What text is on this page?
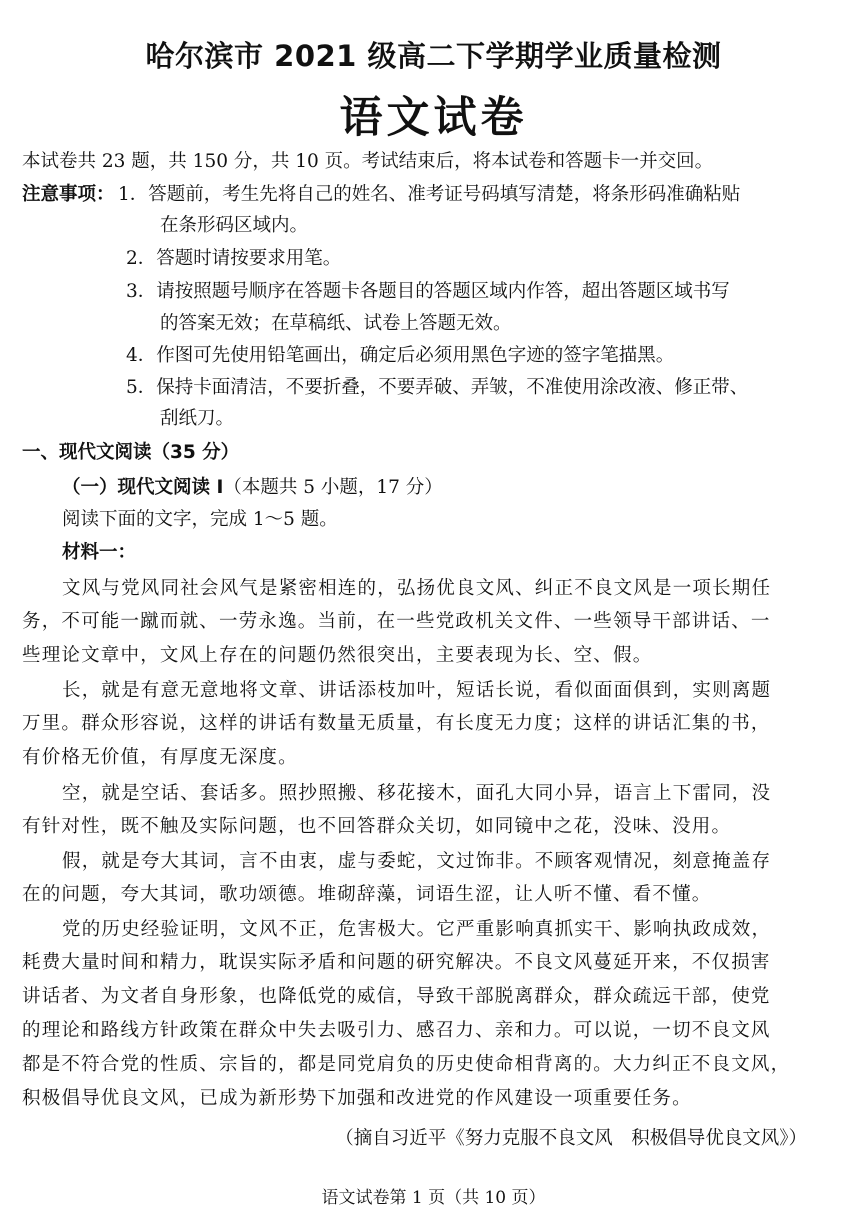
哈尔滨市 2021 级高二下学期学业质量检测
语文试卷
本试卷共 23 题，共 150 分，共 10 页。考试结束后，将本试卷和答题卡一并交回。
注意事项： 1．答题前，考生先将自己的姓名、准考证号码填写清楚，将条形码准确粘贴
在条形码区域内。
2．答题时请按要求用笔。
3．请按照题号顺序在答题卡各题目的答题区域内作答，超出答题区域书写
的答案无效；在草稿纸、试卷上答题无效。
4．作图可先使用铅笔画出，确定后必须用黑色字迹的签字笔描黑。
5．保持卡面清洁，不要折叠，不要弄破、弄皱，不准使用涂改液、修正带、
刮纸刀。
一、现代文阅读（35 分）
（一）现代文阅读 I（本题共 5 小题，17 分）
阅读下面的文字，完成 1～5 题。
材料一：
文风与党风同社会风气是紧密相连的，弘扬优良文风、纠正不良文风是一项长期任
务，不可能一蹴而就、一劳永逸。当前，在一些党政机关文件、一些领导干部讲话、一
些理论文章中，文风上存在的问题仍然很突出，主要表现为长、空、假。
长，就是有意无意地将文章、讲话添枝加叶，短话长说，看似面面俱到，实则离题
万里。群众形容说，这样的讲话有数量无质量，有长度无力度；这样的讲话汇集的书，
有价格无价值，有厚度无深度。
空，就是空话、套话多。照抄照搬、移花接木，面孔大同小异，语言上下雷同，没
有针对性，既不触及实际问题，也不回答群众关切，如同镜中之花，没味、没用。
假，就是夸大其词，言不由衷，虚与委蛇，文过饰非。不顾客观情况，刻意掩盖存
在的问题，夸大其词，歌功颂德。堆砌辞藻，词语生涩，让人听不懂、看不懂。
党的历史经验证明，文风不正，危害极大。它严重影响真抓实干、影响执政成效，
耗费大量时间和精力，耽误实际矛盾和问题的研究解决。不良文风蔓延开来，不仅损害
讲话者、为文者自身形象，也降低党的威信，导致干部脱离群众，群众疏远干部，使党
的理论和路线方针政策在群众中失去吸引力、感召力、亲和力。可以说，一切不良文风
都是不符合党的性质、宗旨的，都是同党肩负的历史使命相背离的。大力纠正不良文风，
积极倡导优良文风，已成为新形势下加强和改进党的作风建设一项重要任务。
（摘自习近平《努力克服不良文风　积极倡导优良文风》）
语文试卷第 1 页（共 10 页）
